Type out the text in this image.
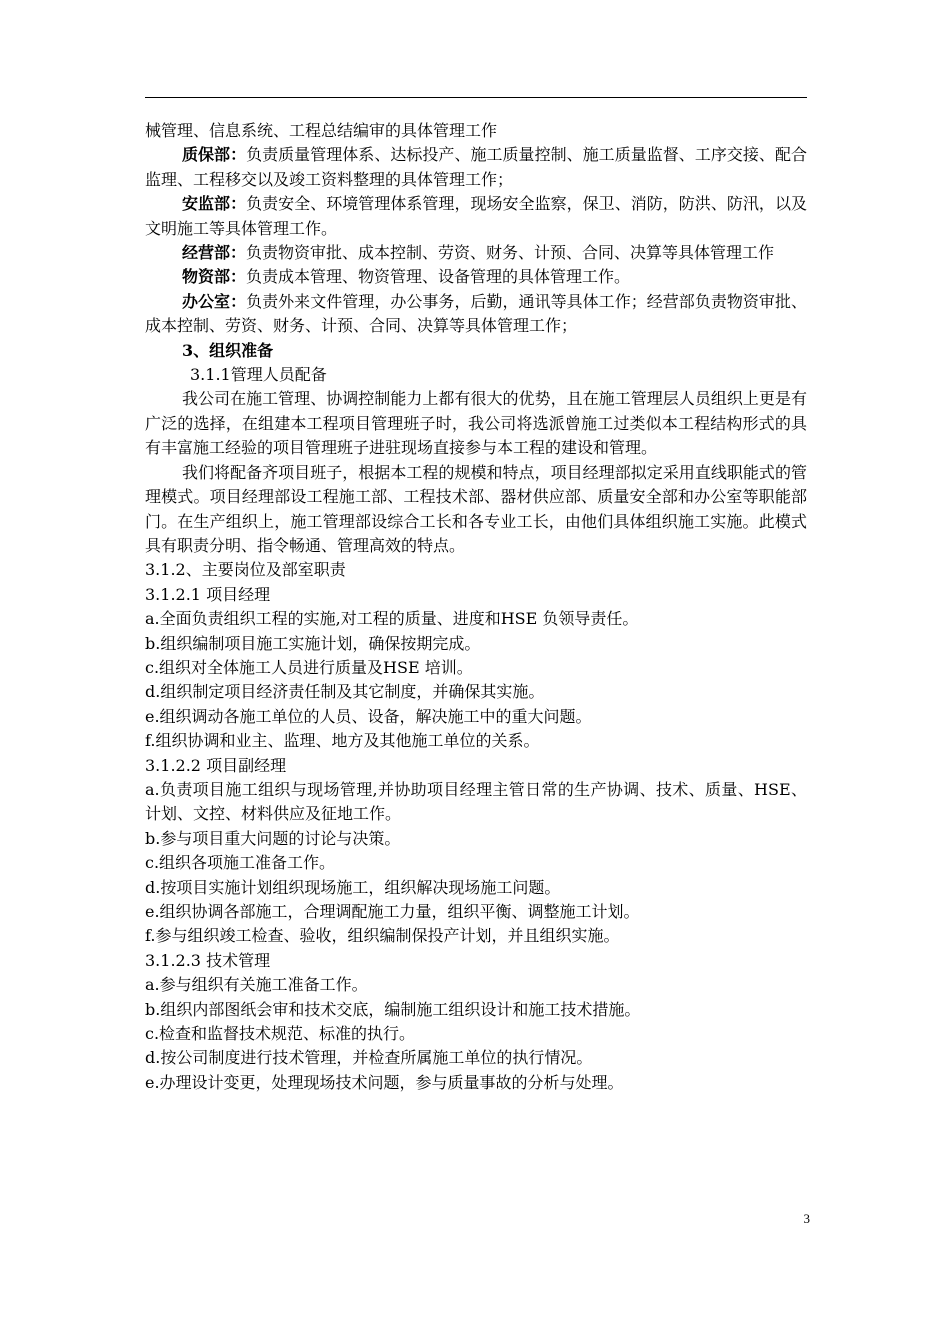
械管理、信息系统、工程总结编审的具体管理工作

质保部：负责质量管理体系、达标投产、施工质量控制、施工质量监督、工序交接、配合监理、工程移交以及竣工资料整理的具体管理工作；

安监部：负责安全、环境管理体系管理，现场安全监察，保卫、消防，防洪、防汛，以及文明施工等具体管理工作。

经营部：负责物资审批、成本控制、劳资、财务、计预、合同、决算等具体管理工作

物资部：负责成本管理、物资管理、设备管理的具体管理工作。

办公室：负责外来文件管理，办公事务，后勤，通讯等具体工作；经营部负责物资审批、成本控制、劳资、财务、计预、合同、决算等具体管理工作；

3、组织准备

3.1.1管理人员配备

我公司在施工管理、协调控制能力上都有很大的优势，且在施工管理层人员组织上更是有广泛的选择，在组建本工程项目管理班子时，我公司将选派曾施工过类似本工程结构形式的具有丰富施工经验的项目管理班子进驻现场直接参与本工程的建设和管理。

我们将配备齐项目班子，根据本工程的规模和特点，项目经理部拟定采用直线职能式的管理模式。项目经理部设工程施工部、工程技术部、器材供应部、质量安全部和办公室等职能部门。在生产组织上，施工管理部设综合工长和各专业工长，由他们具体组织施工实施。此模式具有职责分明、指令畅通、管理高效的特点。

3.1.2、主要岗位及部室职责

3.1.2.1 项目经理

a.全面负责组织工程的实施,对工程的质量、进度和HSE 负领导责任。

b.组织编制项目施工实施计划，确保按期完成。

c.组织对全体施工人员进行质量及HSE 培训。

d.组织制定项目经济责任制及其它制度，并确保其实施。

e.组织调动各施工单位的人员、设备，解决施工中的重大问题。

f.组织协调和业主、监理、地方及其他施工单位的关系。

3.1.2.2 项目副经理

a.负责项目施工组织与现场管理,并协助项目经理主管日常的生产协调、技术、质量、HSE、计划、文控、材料供应及征地工作。

b.参与项目重大问题的讨论与决策。

c.组织各项施工准备工作。

d.按项目实施计划组织现场施工，组织解决现场施工问题。

e.组织协调各部施工，合理调配施工力量，组织平衡、调整施工计划。

f.参与组织竣工检查、验收，组织编制保投产计划，并且组织实施。

3.1.2.3 技术管理

a.参与组织有关施工准备工作。

b.组织内部图纸会审和技术交底，编制施工组织设计和施工技术措施。

c.检查和监督技术规范、标准的执行。

d.按公司制度进行技术管理，并检查所属施工单位的执行情况。

e.办理设计变更，处理现场技术问题，参与质量事故的分析与处理。

3
